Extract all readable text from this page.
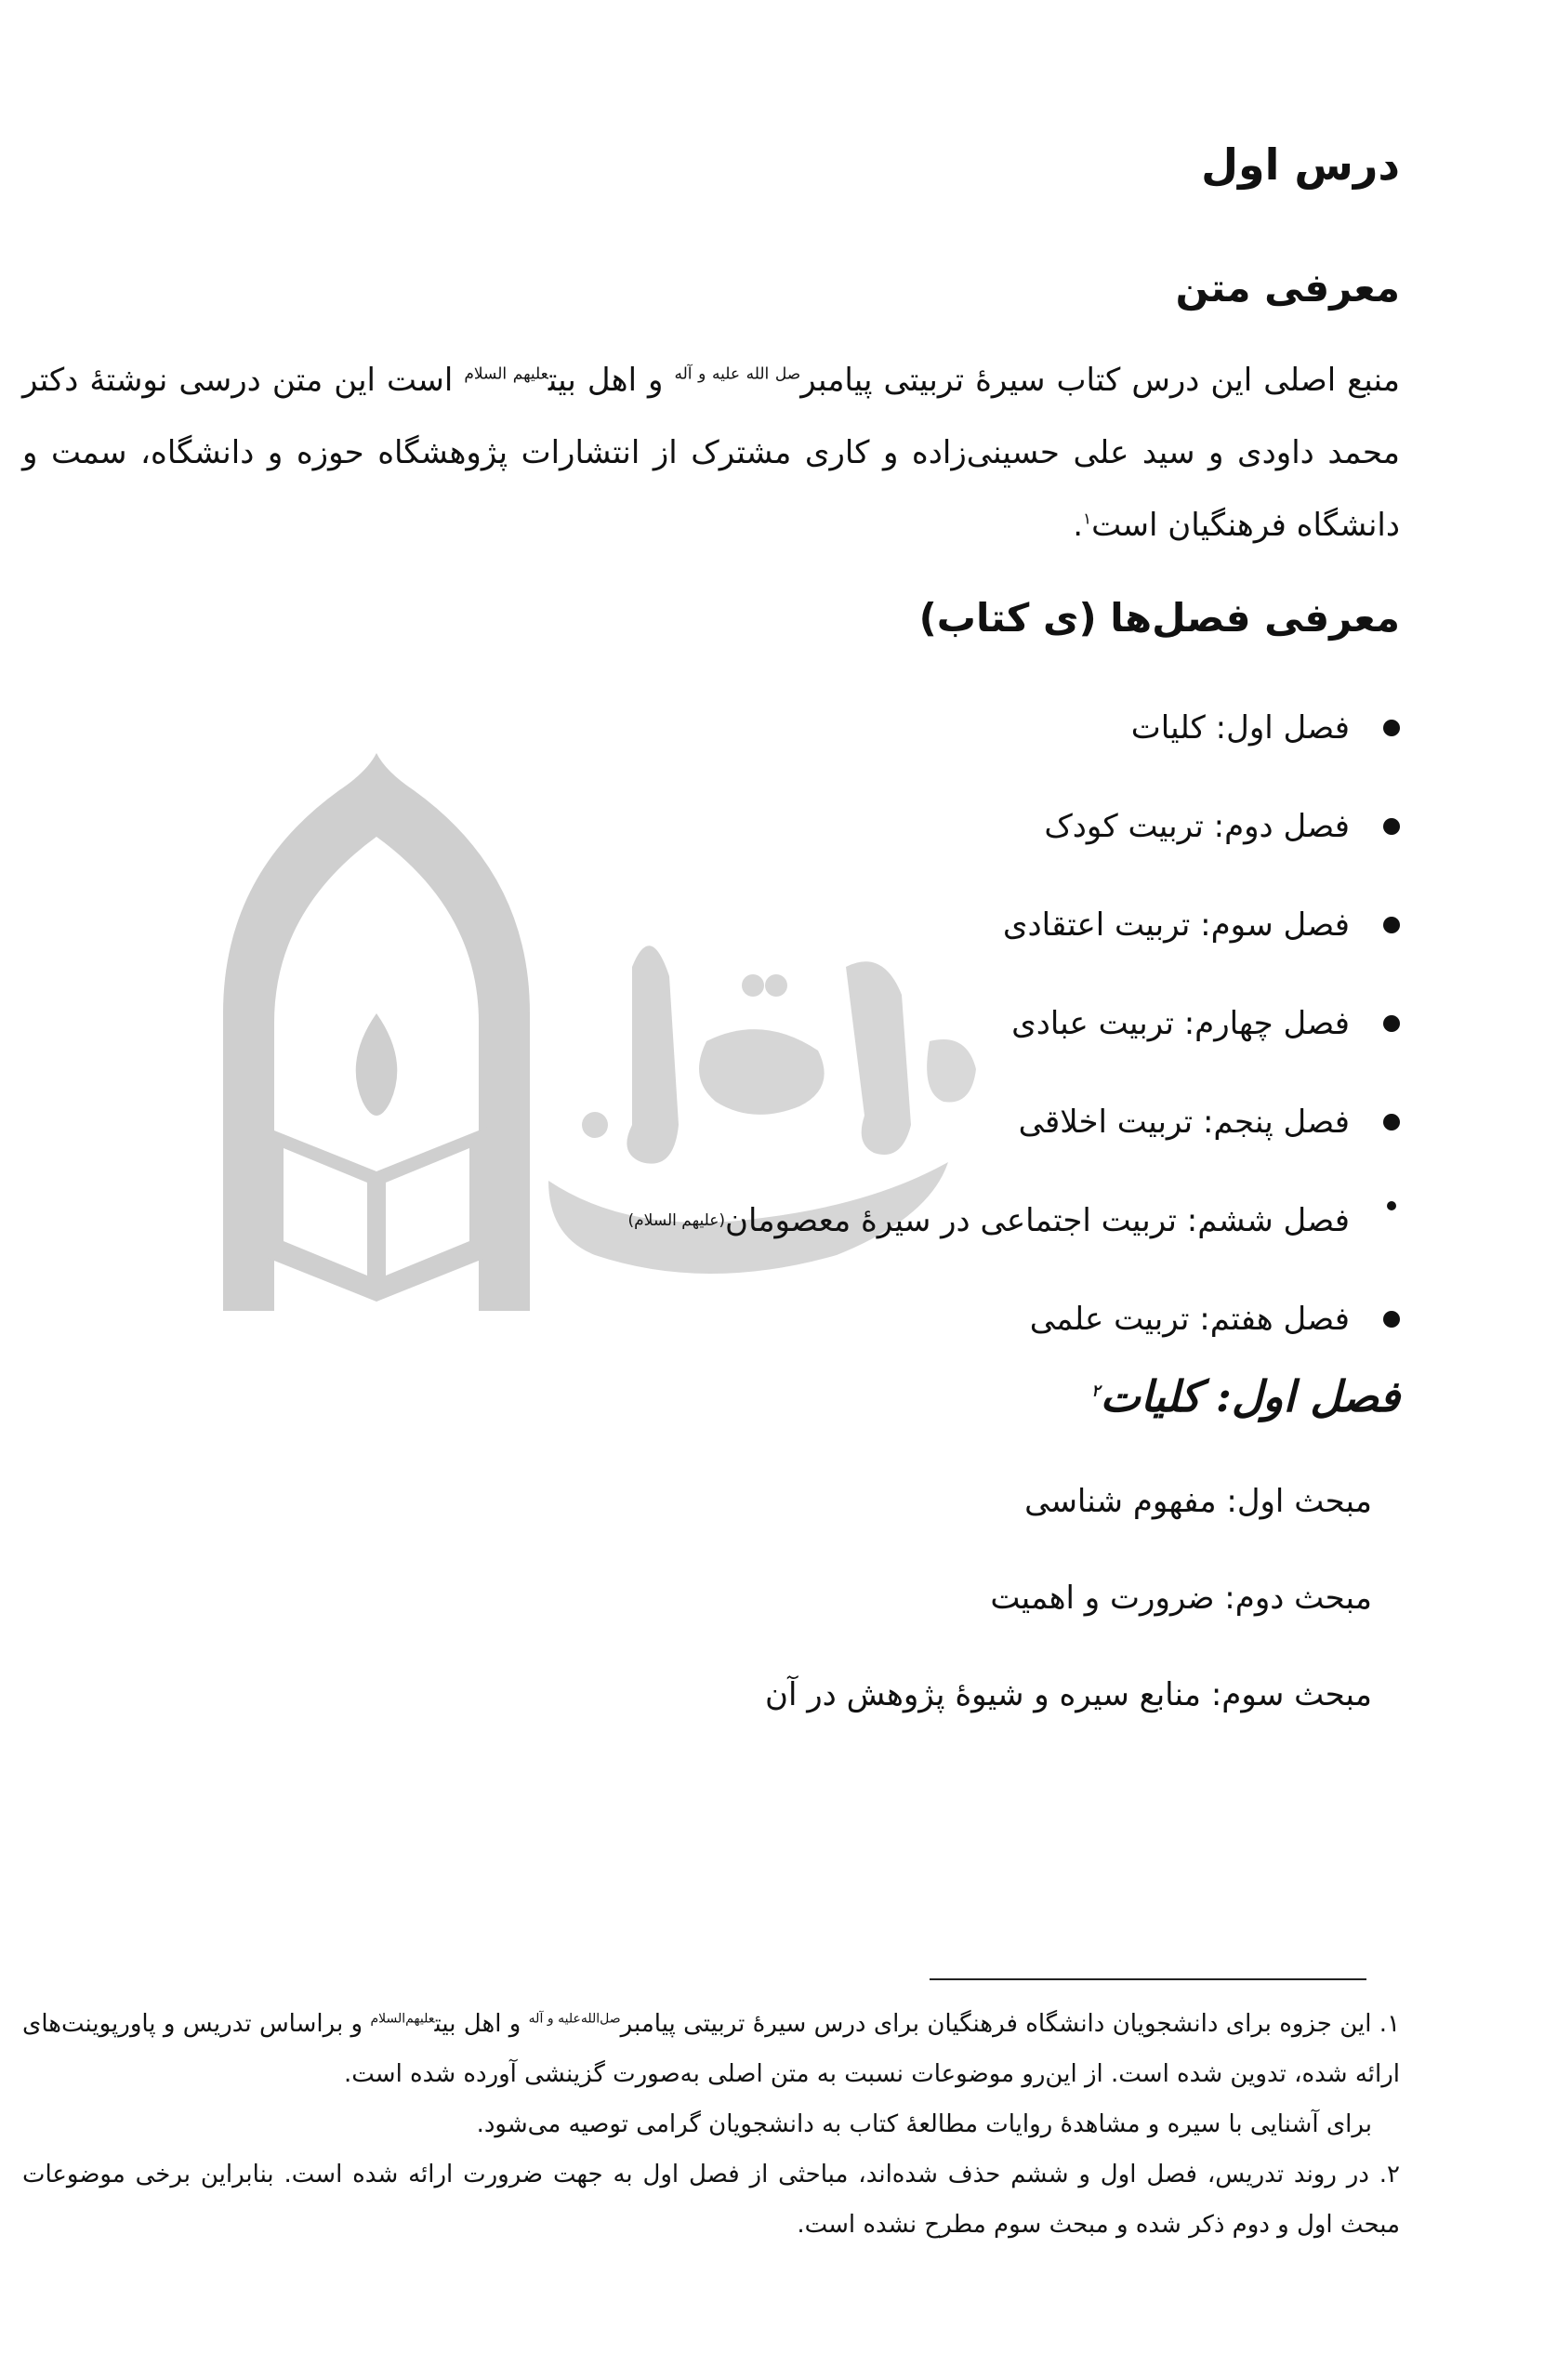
درس اول
معرفی متن

منبع اصلی این درس کتاب سیرهٔ تربیتی پیامبر$^{صل الله علیه و آله}$ و اهل بیت$^{علیهم السلام}$ است این متن درسی نوشتهٔ دکتر محمد داودی و سید علی حسینی‌زاده و کاری مشترک از انتشارات پژوهشگاه حوزه و دانشگاه، سمت و دانشگاه فرهنگیان است$^۱$.

معرفی فصل‌ها (ی کتاب)
فصل اول: کلیات
فصل دوم: تربیت کودک
فصل سوم: تربیت اعتقادی
فصل چهارم: تربیت عبادی
فصل پنجم: تربیت اخلاقی
فصل ششم: تربیت اجتماعی در سیرهٔ معصومان
(علیهم السلام)
فصل هفتم: تربیت علمی
فصل اول: کلیات$^۲$
مبحث اول: مفهوم شناسی
مبحث دوم: ضرورت و اهمیت
مبحث سوم: منابع سیره و شیوهٔ پژوهش در آن

۱. این جزوه برای دانشجویان دانشگاه فرهنگیان برای درس سیرهٔ تربیتی پیامبر$^{صل‌الله‌علیه و آله}$ و اهل بیت$^{علیهم‌السلام}$ و براساس تدریس و پاورپوینت‌های ارائه شده، تدوین شده است. از این‌رو موضوعات نسبت به متن اصلی به‌صورت گزینشی آورده شده است.

برای آشنایی با سیره و مشاهدهٔ روایات مطالعهٔ کتاب به دانشجویان گرامی توصیه می‌شود.

۲. در روند تدریس، فصل اول و ششم حذف شده‌اند، مباحثی از فصل اول به جهت ضرورت ارائه شده است. بنابراین برخی موضوعات مبحث اول و دوم ذکر شده و مبحث سوم مطرح نشده است.
